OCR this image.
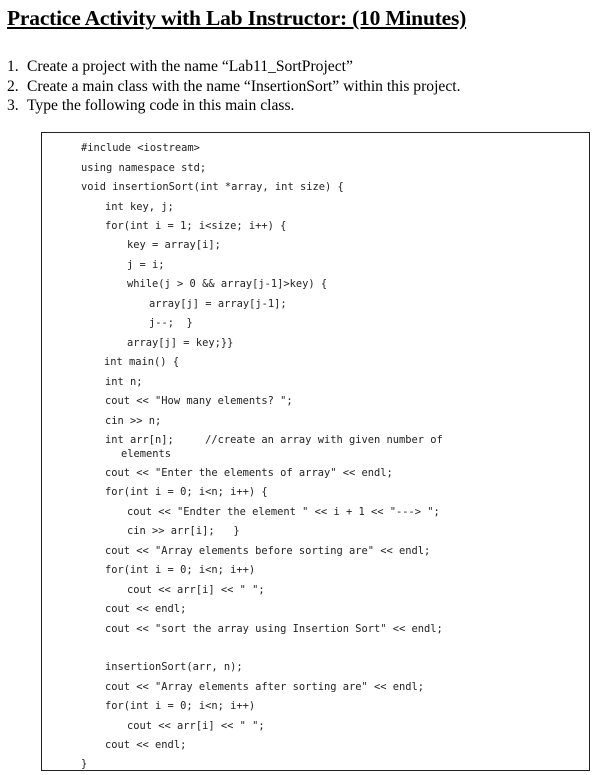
Practice Activity with Lab Instructor: (10 Minutes)
1. Create a project with the name “Lab11_SortProject”
2. Create a main class with the name “InsertionSort” within this project.
3. Type the following code in this main class.
#include <iostream>
using namespace std;
void insertionSort(int *array, int size) {
int key, j;
for(int i = 1; i<size; i++) {
key = array[i];
j = i;
while(j > 0 && array[j-1]>key) {
array[j] = array[j-1];
j--;  }
array[j] = key;}}
int main() {
int n;
cout << "How many elements? ";
cin >> n;
int arr[n];     //create an array with given number of
elements
cout << "Enter the elements of array" << endl;
for(int i = 0; i<n; i++) {
cout << "Endter the element " << i + 1 << "---> ";
cin >> arr[i];   }
cout << "Array elements before sorting are" << endl;
for(int i = 0; i<n; i++)
cout << arr[i] << " ";
cout << endl;
cout << "sort the array using Insertion Sort" << endl;
insertionSort(arr, n);
cout << "Array elements after sorting are" << endl;
for(int i = 0; i<n; i++)
cout << arr[i] << " ";
cout << endl;
}
